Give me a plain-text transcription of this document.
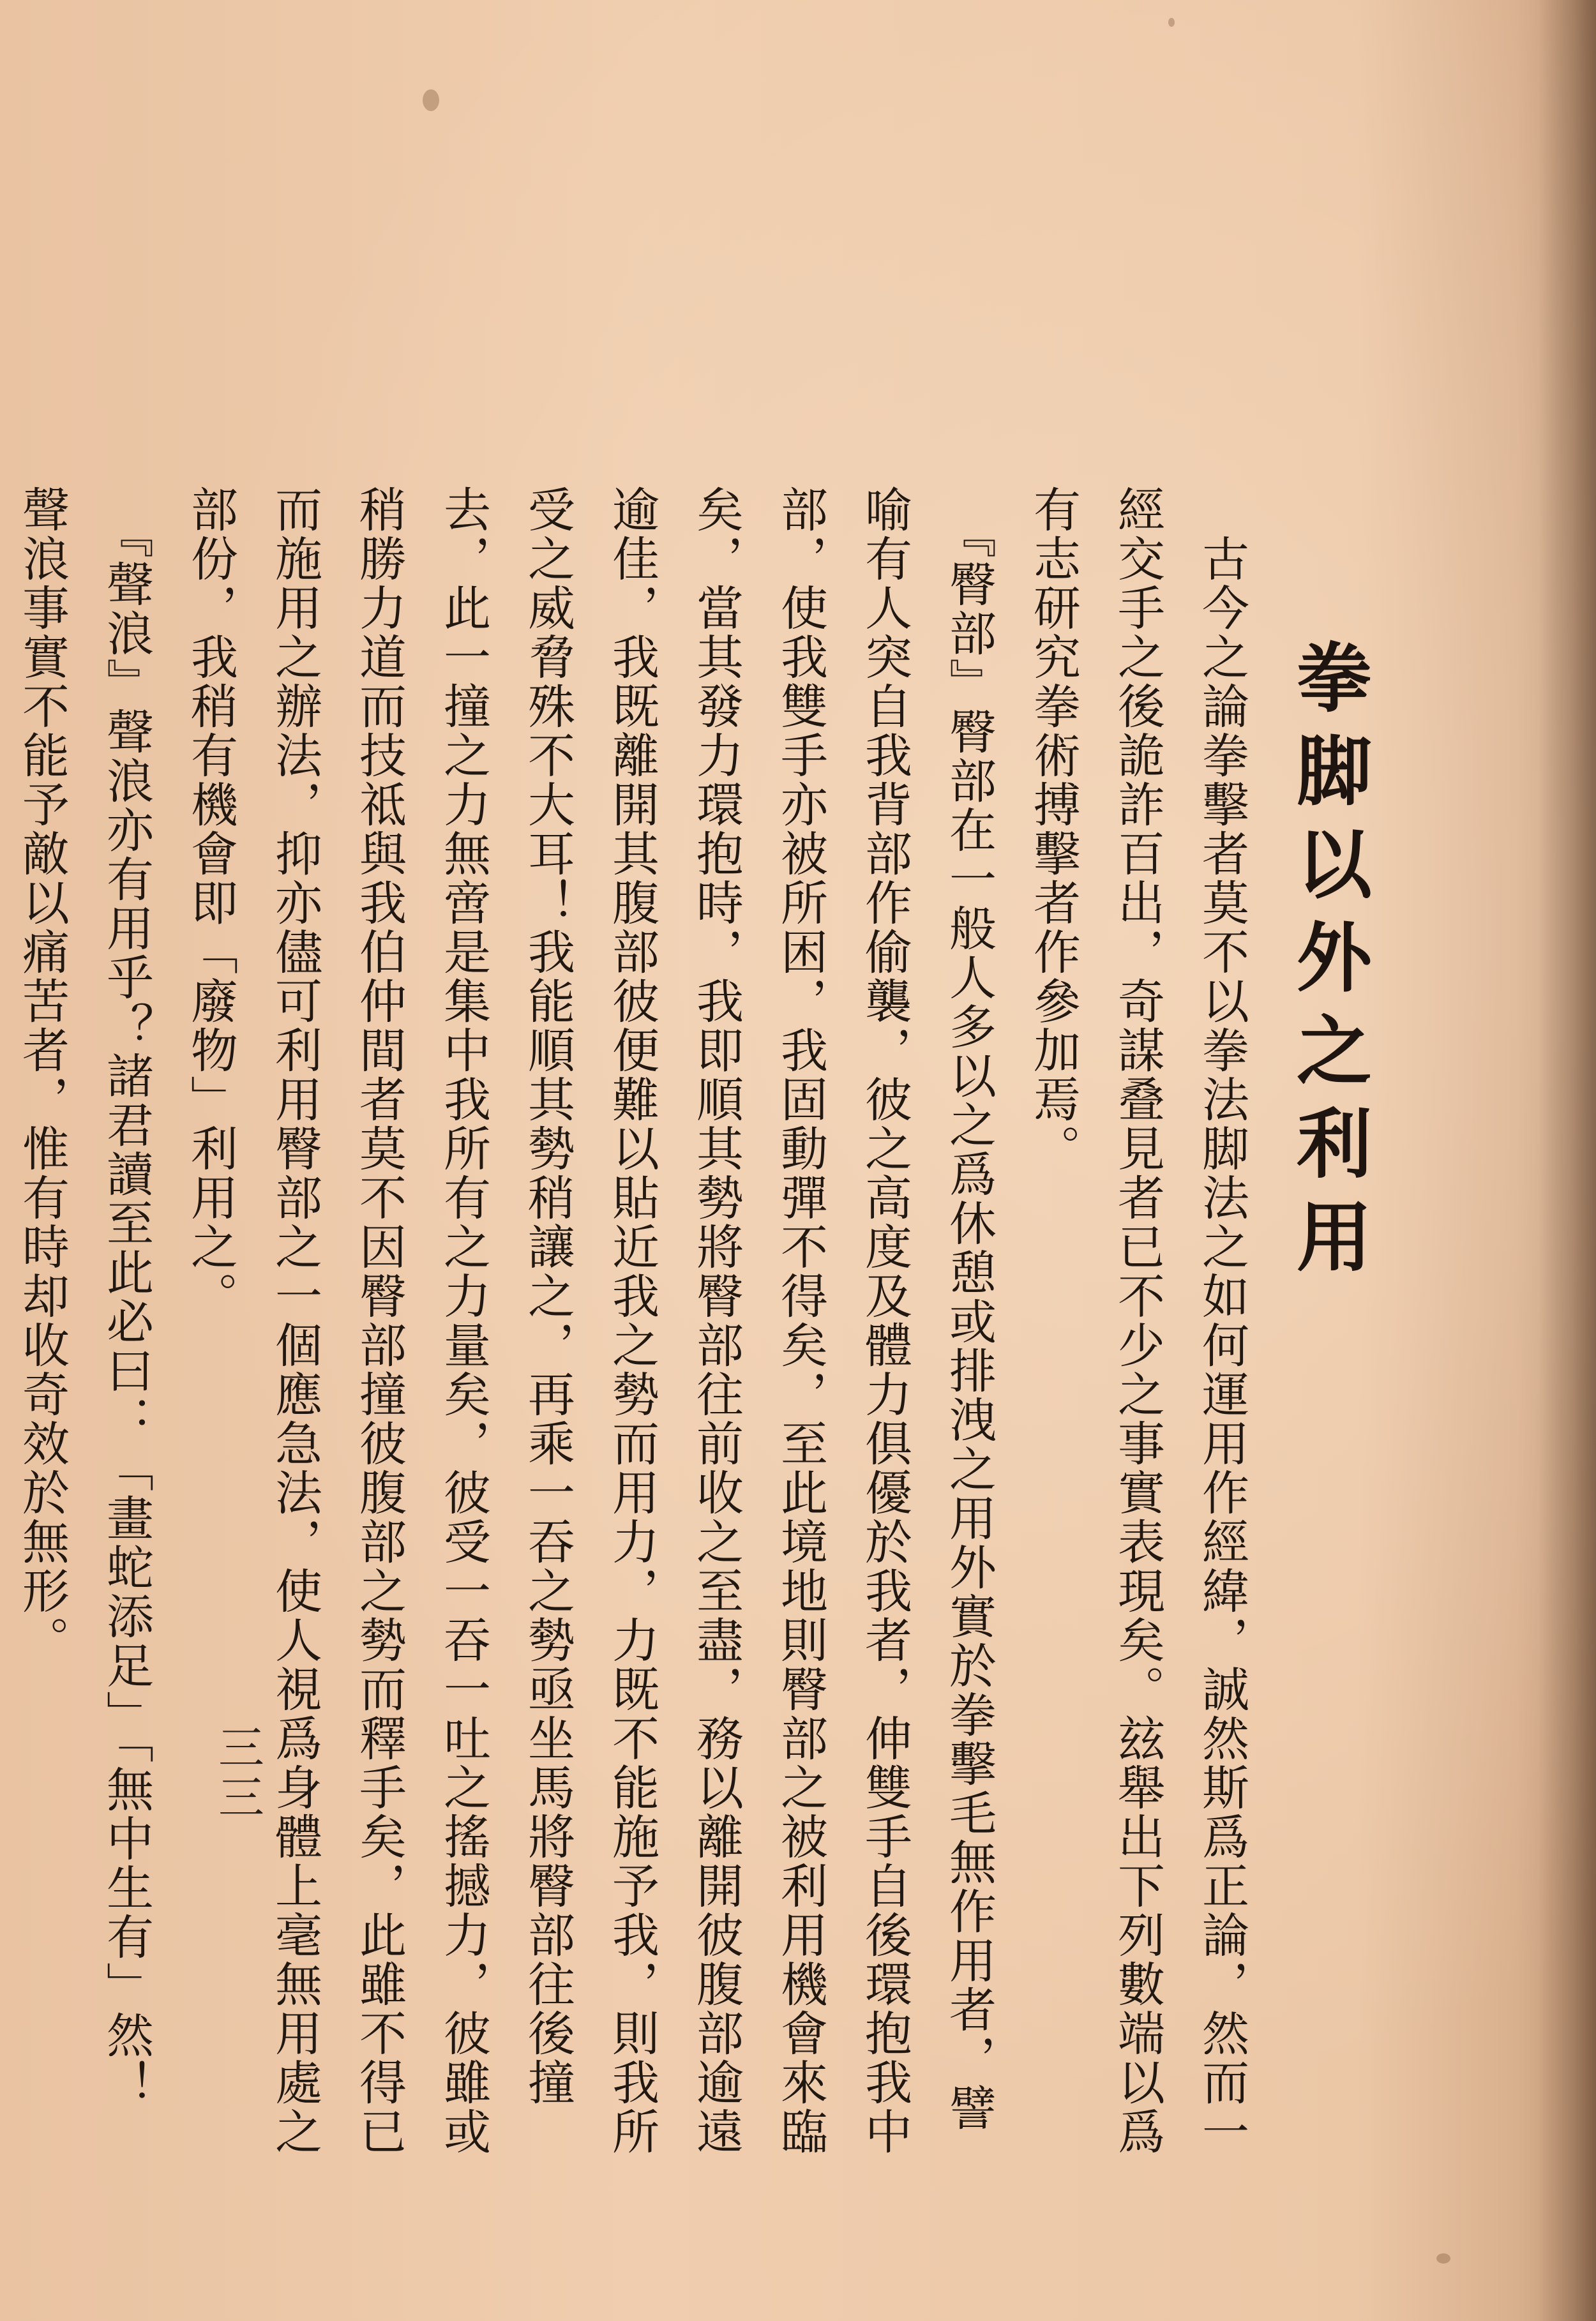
拳脚以外之利用

　古今之論拳擊者莫不以拳法脚法之如何運用作經緯，誠然斯爲正論，然而一經交手之後詭詐百出，奇謀叠見者已不少之事實表現矣。玆舉出下列數端以爲有志研究拳術搏擊者作參加焉。

　『臀部』臀部在一般人多以之爲休憩或排洩之用外實於拳擊毛無作用者，譬喻有人突自我背部作偷襲，彼之高度及體力俱優於我者，伸雙手自後環抱我中部，使我雙手亦被所困，我固動彈不得矣，至此境地則臀部之被利用機會來臨矣，當其發力環抱時，我即順其勢將臀部往前收之至盡，務以離開彼腹部逾遠逾佳，我既離開其腹部彼便難以貼近我之勢而用力，力既不能施予我，則我所受之威脅殊不大耳！我能順其勢稍讓之，再乘一吞之勢亟坐馬將臀部往後撞去，此一撞之力無啻是集中我所有之力量矣，彼受一吞一吐之搖撼力，彼雖或稍勝力道而技祗與我伯仲間者莫不因臀部撞彼腹部之勢而釋手矣，此雖不得已而施用之辦法，抑亦儘可利用臀部之一個應急法，使人視爲身體上毫無用處之部份，我稍有機會即「廢物」利用之。

　『聲浪』聲浪亦有用乎？諸君讀至此必曰：「畫蛇添足」「無中生有」然！聲浪事實不能予敵以痛苦者，惟有時却收奇效於無形。

三三
